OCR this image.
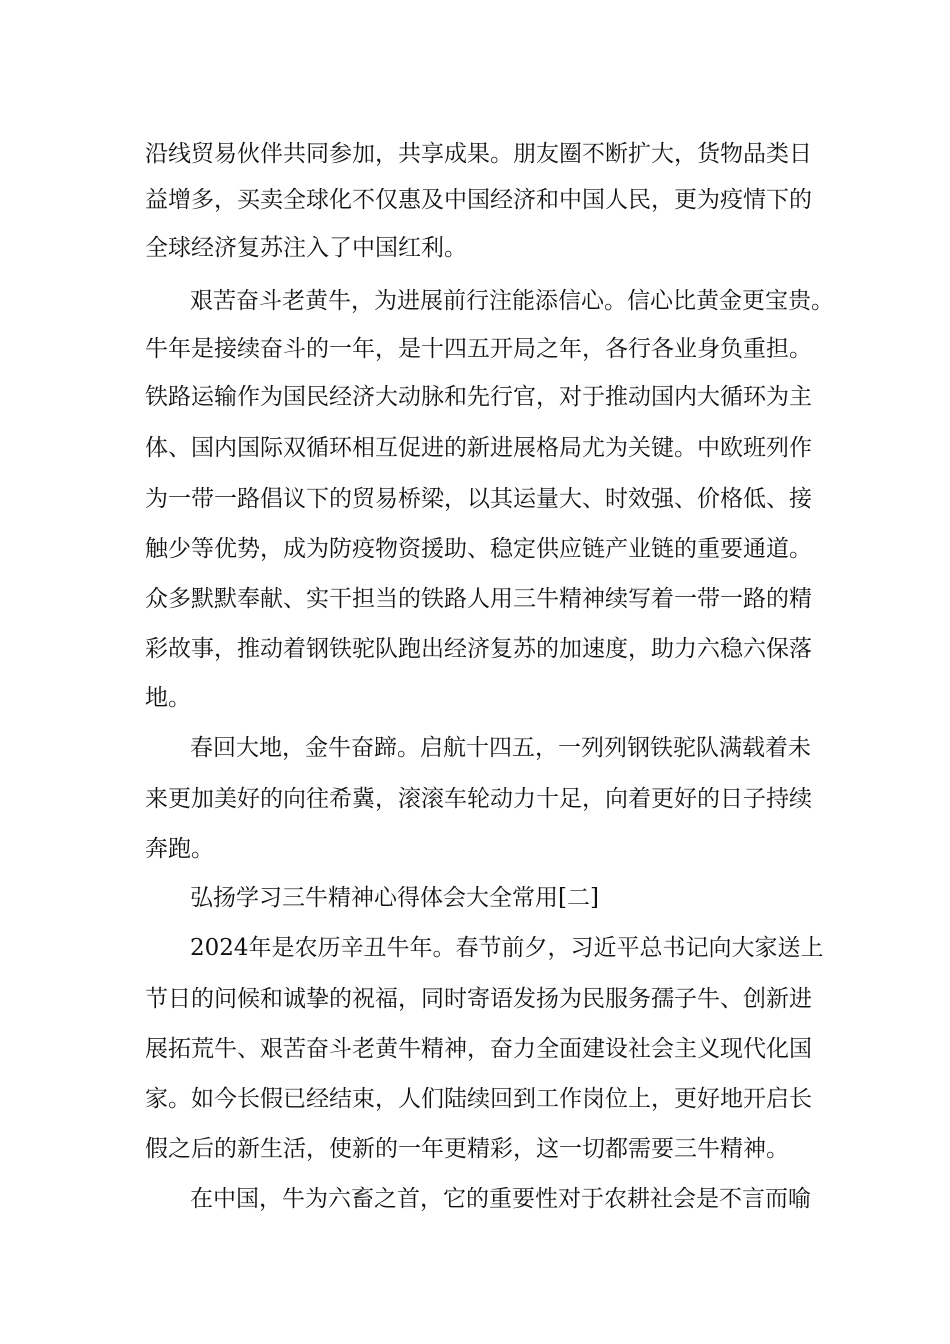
沿线贸易伙伴共同参加，共享成果。朋友圈不断扩大，货物品类日

益增多，买卖全球化不仅惠及中国经济和中国人民，更为疫情下的

全球经济复苏注入了中国红利。

艰苦奋斗老黄牛，为进展前行注能添信心。信心比黄金更宝贵。

牛年是接续奋斗的一年，是十四五开局之年，各行各业身负重担。

铁路运输作为国民经济大动脉和先行官，对于推动国内大循环为主

体、国内国际双循环相互促进的新进展格局尤为关键。中欧班列作

为一带一路倡议下的贸易桥梁，以其运量大、时效强、价格低、接

触少等优势，成为防疫物资援助、稳定供应链产业链的重要通道。

众多默默奉献、实干担当的铁路人用三牛精神续写着一带一路的精

彩故事，推动着钢铁驼队跑出经济复苏的加速度，助力六稳六保落

地。

春回大地，金牛奋蹄。启航十四五，一列列钢铁驼队满载着未

来更加美好的向往希冀，滚滚车轮动力十足，向着更好的日子持续

奔跑。

弘扬学习三牛精神心得体会大全常用[二]

2024年是农历辛丑牛年。春节前夕，习近平总书记向大家送上

节日的问候和诚挚的祝福，同时寄语发扬为民服务孺子牛、创新进

展拓荒牛、艰苦奋斗老黄牛精神，奋力全面建设社会主义现代化国

家。如今长假已经结束，人们陆续回到工作岗位上，更好地开启长

假之后的新生活，使新的一年更精彩，这一切都需要三牛精神。

在中国，牛为六畜之首，它的重要性对于农耕社会是不言而喻
